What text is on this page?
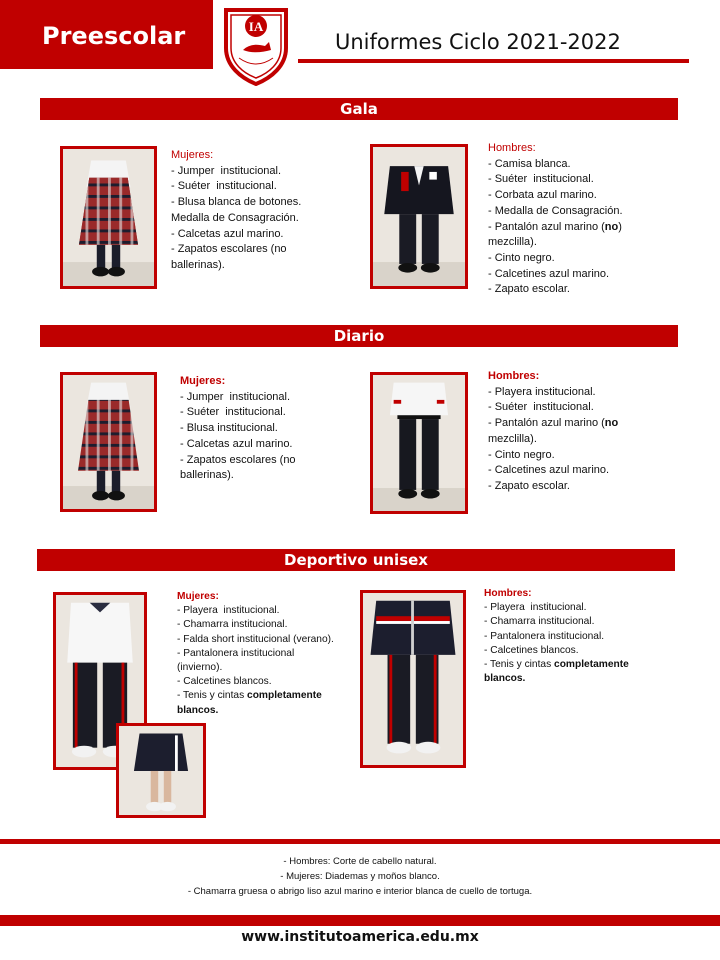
Preescolar	IA
Uniformes Ciclo 2021-2022
Gala
Mujeres:
- Jumper  institucional.
- Suéter  institucional.
- Blusa blanca de botones.
Medalla de Consagración.
- Calcetas azul marino.
- Zapatos escolares (no
ballerinas).
Hombres:
- Camisa blanca.
- Suéter  institucional.
- Corbata azul marino.
- Medalla de Consagración.
- Pantalón azul marino (no)
mezclilla).
- Cinto negro.
- Calcetines azul marino.
- Zapato escolar.
Diario
Mujeres:
- Jumper  institucional.
- Suéter  institucional.
- Blusa institucional.
- Calcetas azul marino.
- Zapatos escolares (no
ballerinas).
Hombres:
- Playera institucional.
- Suéter  institucional.
- Pantalón azul marino (no
mezclilla).
- Cinto negro.
- Calcetines azul marino.
- Zapato escolar.
Deportivo unisex
Mujeres:
- Playera  institucional.
- Chamarra institucional.
- Falda short institucional (verano).
- Pantalonera institucional
(invierno).
- Calcetines blancos.
- Tenis y cintas completamente
blancos.
Hombres:
- Playera  institucional.
- Chamarra institucional.
- Pantalonera institucional.
- Calcetines blancos.
- Tenis y cintas completamente
blancos.
- Hombres: Corte de cabello natural.
- Mujeres: Diademas y moños blanco.
- Chamarra gruesa o abrigo liso azul marino e interior blanca de cuello de tortuga.
www.institutoamerica.edu.mx
